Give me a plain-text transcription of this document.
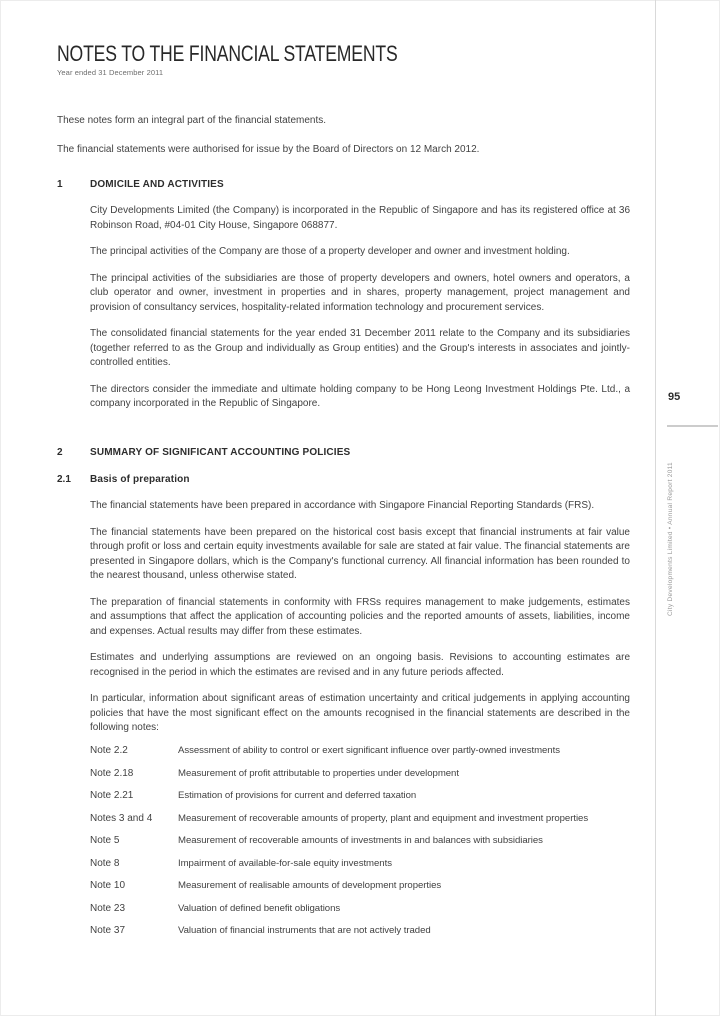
NOTES TO THE FINANCIAL STATEMENTS
Year ended 31 December 2011

These notes form an integral part of the financial statements.

The financial statements were authorised for issue by the Board of Directors on 12 March 2012.

1	DOMICILE AND ACTIVITIES

City Developments Limited (the Company) is incorporated in the Republic of Singapore and has its registered office at 36 Robinson Road, #04-01 City House, Singapore 068877.

The principal activities of the Company are those of a property developer and owner and investment holding.

The principal activities of the subsidiaries are those of property developers and owners, hotel owners and operators, a club operator and owner, investment in properties and in shares, property management, project management and provision of consultancy services, hospitality-related information technology and procurement services.

The consolidated financial statements for the year ended 31 December 2011 relate to the Company and its subsidiaries (together referred to as the Group and individually as Group entities) and the Group's interests in associates and jointly-controlled entities.

The directors consider the immediate and ultimate holding company to be Hong Leong Investment Holdings Pte. Ltd., a company incorporated in the Republic of Singapore.

2	SUMMARY OF SIGNIFICANT ACCOUNTING POLICIES
2.1	Basis of preparation

The financial statements have been prepared in accordance with Singapore Financial Reporting Standards (FRS).

The financial statements have been prepared on the historical cost basis except that financial instruments at fair value through profit or loss and certain equity investments available for sale are stated at fair value. The financial statements are presented in Singapore dollars, which is the Company's functional currency. All financial information has been rounded to the nearest thousand, unless otherwise stated.

The preparation of financial statements in conformity with FRSs requires management to make judgements, estimates and assumptions that affect the application of accounting policies and the reported amounts of assets, liabilities, income and expenses. Actual results may differ from these estimates.

Estimates and underlying assumptions are reviewed on an ongoing basis. Revisions to accounting estimates are recognised in the period in which the estimates are revised and in any future periods affected.

In particular, information about significant areas of estimation uncertainty and critical judgements in applying accounting policies that have the most significant effect on the amounts recognised in the financial statements are described in the following notes:

Note 2.2	Assessment of ability to control or exert significant influence over partly-owned investments
Note 2.18	Measurement of profit attributable to properties under development
Note 2.21	Estimation of provisions for current and deferred taxation
Notes 3 and 4	Measurement of recoverable amounts of property, plant and equipment and investment properties
Note 5	Measurement of recoverable amounts of investments in and balances with subsidiaries
Note 8	Impairment of available-for-sale equity investments
Note 10	Measurement of realisable amounts of development properties
Note 23	Valuation of defined benefit obligations
Note 37	Valuation of financial instruments that are not actively traded
95
City Developments Limited • Annual Report 2011
